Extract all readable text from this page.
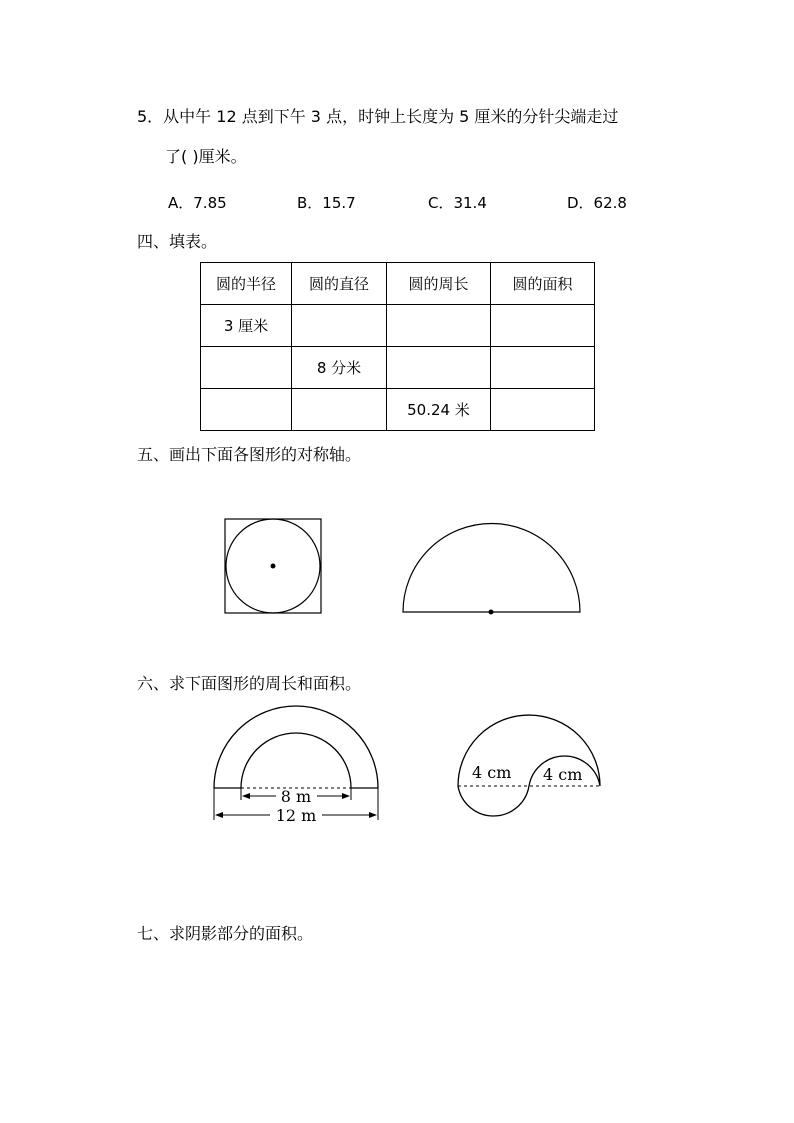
5．从中午 12 点到下午 3 点，时钟上长度为 5 厘米的分针尖端走过
了( )厘米。
A．7.85	B．15.7	C．31.4	D．62.8
四、填表。
圆的半径	圆的直径	圆的周长	圆的面积
3 厘米			
	8 分米		
		50.24 米	
五、画出下面各图形的对称轴。
六、求下面图形的周长和面积。
七、求阴影部分的面积。
8 m
12 m
4 cm 4 cm
